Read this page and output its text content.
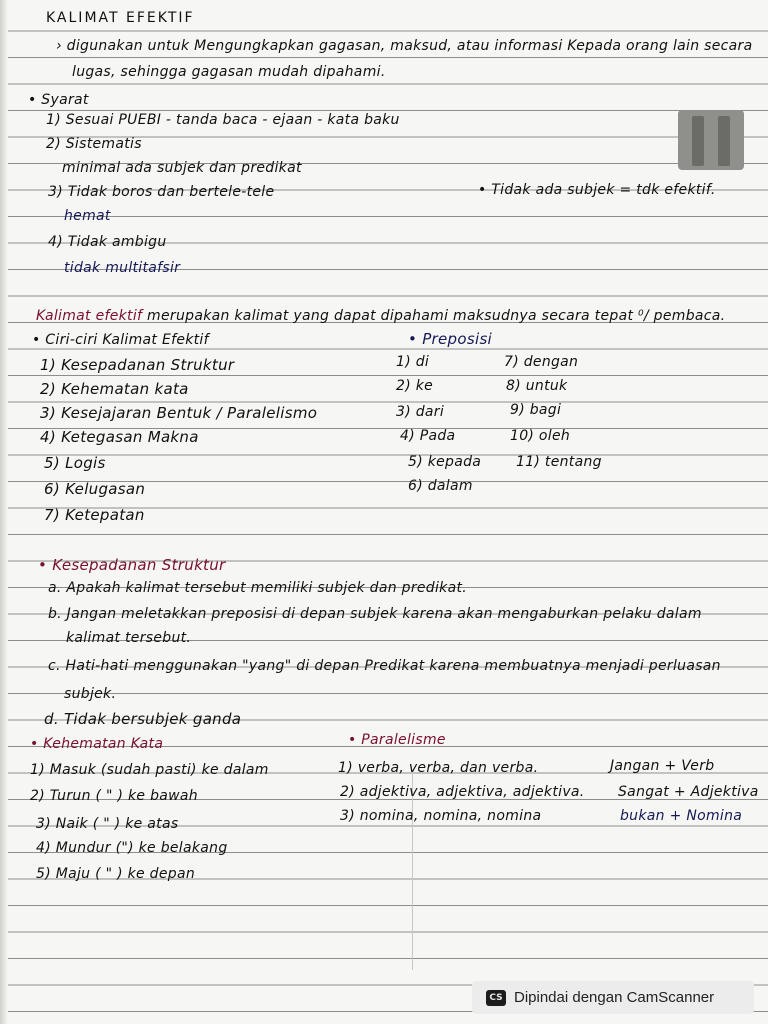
KALIMAT EFEKTIF
› digunakan untuk Mengungkapkan gagasan, maksud, atau informasi Kepada orang lain secara
lugas, sehingga gagasan mudah dipahami.
• Syarat
1) Sesuai PUEBI - tanda baca - ejaan - kata baku
2) Sistematis
minimal ada subjek dan predikat
3) Tidak boros dan bertele-tele	• Tidak ada subjek = tdk efektif.
hemat
4) Tidak ambigu
tidak multitafsir
Kalimat efektif merupakan kalimat yang dapat dipahami maksudnya secara tepat ⁰/ pembaca.
• Ciri-ciri Kalimat Efektif
1) Kesepadanan Struktur
2) Kehematan kata
3) Kesejajaran Bentuk / Paralelismo
4) Ketegasan Makna
5) Logis
6) Kelugasan
7) Ketepatan
• Preposisi
1) di
2) ke
3) dari
4) Pada
5) kepada
6) dalam
7) dengan
8) untuk
9) bagi
10) oleh
11) tentang
• Kesepadanan Struktur
a. Apakah kalimat tersebut memiliki subjek dan predikat.
b. Jangan meletakkan preposisi di depan subjek karena akan mengaburkan pelaku dalam
kalimat tersebut.
c. Hati-hati menggunakan "yang" di depan Predikat karena membuatnya menjadi perluasan
subjek.
d. Tidak bersubjek ganda
• Kehematan Kata
1) Masuk (sudah pasti) ke dalam
2) Turun ( " ) ke bawah
3) Naik ( " ) ke atas
4) Mundur (") ke belakang
5) Maju ( " ) ke depan
• Paralelisme
1) verba, verba, dan verba.
2) adjektiva, adjektiva, adjektiva.
3) nomina, nomina, nomina
Jangan + Verb
Sangat + Adjektiva
bukan + Nomina
CS Dipindai dengan CamScanner
